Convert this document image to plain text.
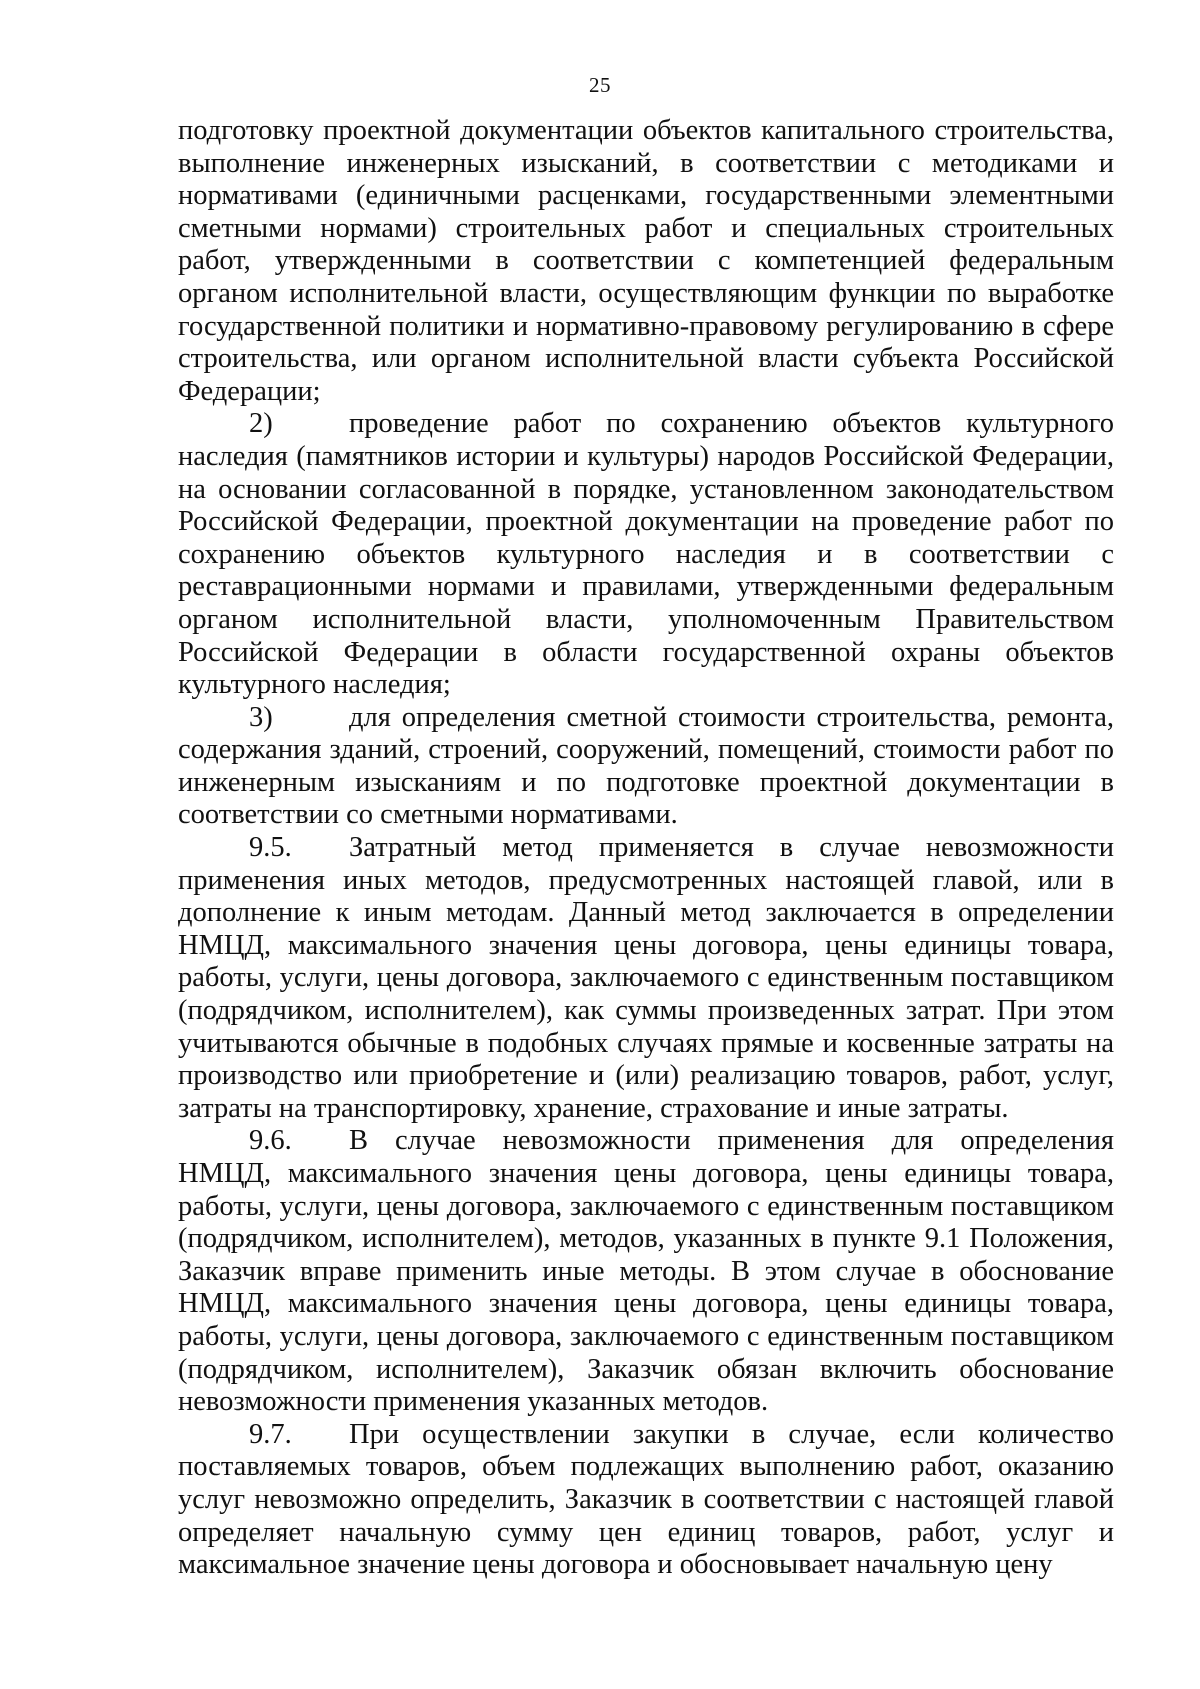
25

подготовку проектной документации объектов капитального строительства, выполнение инженерных изысканий, в соответствии с методиками и нормативами (единичными расценками, государственными элементными сметными нормами) строительных работ и специальных строительных работ, утвержденными в соответствии с компетенцией федеральным органом исполнительной власти, осуществляющим функции по выработке государственной политики и нормативно-правовому регулированию в сфере строительства, или органом исполнительной власти субъекта Российской Федерации;

2)	проведение работ по сохранению объектов культурного наследия (памятников истории и культуры) народов Российской Федерации, на основании согласованной в порядке, установленном законодательством Российской Федерации, проектной документации на проведение работ по сохранению объектов культурного наследия и в соответствии с реставрационными нормами и правилами, утвержденными федеральным органом исполнительной власти, уполномоченным Правительством Российской Федерации в области государственной охраны объектов культурного наследия;

3)	для определения сметной стоимости строительства, ремонта, содержания зданий, строений, сооружений, помещений, стоимости работ по инженерным изысканиям и по подготовке проектной документации в соответствии со сметными нормативами.

9.5. Затратный метод применяется в случае невозможности применения иных методов, предусмотренных настоящей главой, или в дополнение к иным методам. Данный метод заключается в определении НМЦД, максимального значения цены договора, цены единицы товара, работы, услуги, цены договора, заключаемого с единственным поставщиком (подрядчиком, исполнителем), как суммы произведенных затрат. При этом учитываются обычные в подобных случаях прямые и косвенные затраты на производство или приобретение и (или) реализацию товаров, работ, услуг, затраты на транспортировку, хранение, страхование и иные затраты.

9.6. В случае невозможности применения для определения НМЦД, максимального значения цены договора, цены единицы товара, работы, услуги, цены договора, заключаемого с единственным поставщиком (подрядчиком, исполнителем), методов, указанных в пункте 9.1 Положения, Заказчик вправе применить иные методы. В этом случае в обоснование НМЦД, максимального значения цены договора, цены единицы товара, работы, услуги, цены договора, заключаемого с единственным поставщиком (подрядчиком, исполнителем), Заказчик обязан включить обоснование невозможности применения указанных методов.

9.7. При осуществлении закупки в случае, если количество поставляемых товаров, объем подлежащих выполнению работ, оказанию услуг невозможно определить, Заказчик в соответствии с настоящей главой определяет начальную сумму цен единиц товаров, работ, услуг и максимальное значение цены договора и обосновывает начальную цену
